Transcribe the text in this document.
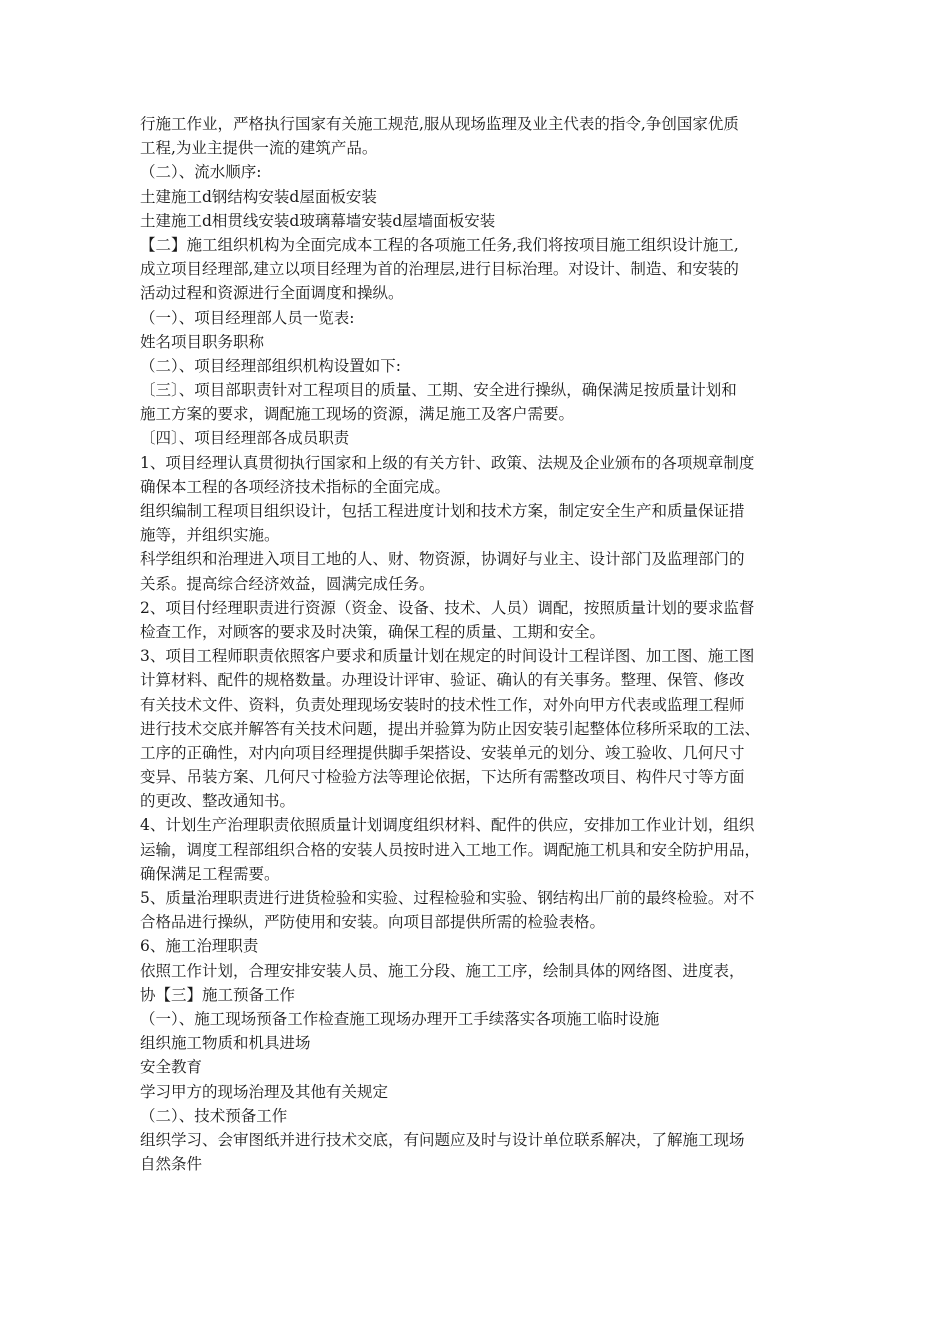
行施工作业，严格执行国家有关施工规范,服从现场监理及业主代表的指令,争创国家优质
工程,为业主提供一流的建筑产品。
（二）、流水顺序:
土建施工d钢结构安装d屋面板安装
土建施工d相贯线安装d玻璃幕墙安装d屋墙面板安装
【二】施工组织机构为全面完成本工程的各项施工任务,我们将按项目施工组织设计施工,
成立项目经理部,建立以项目经理为首的治理层,进行目标治理。对设计、制造、和安装的
活动过程和资源进行全面调度和操纵。
（一）、项目经理部人员一览表:
姓名项目职务职称
（二）、项目经理部组织机构设置如下:
〔三〕、项目部职责针对工程项目的质量、工期、安全进行操纵，确保满足按质量计划和
施工方案的要求，调配施工现场的资源，满足施工及客户需要。
〔四〕、项目经理部各成员职责
1、项目经理认真贯彻执行国家和上级的有关方针、政策、法规及企业颁布的各项规章制度
确保本工程的各项经济技术指标的全面完成。
组织编制工程项目组织设计，包括工程进度计划和技术方案，制定安全生产和质量保证措
施等，并组织实施。
科学组织和治理进入项目工地的人、财、物资源，协调好与业主、设计部门及监理部门的
关系。提高综合经济效益，圆满完成任务。
2、项目付经理职责进行资源（资金、设备、技术、人员）调配，按照质量计划的要求监督
检查工作，对顾客的要求及时决策，确保工程的质量、工期和安全。
3、项目工程师职责依照客户要求和质量计划在规定的时间设计工程详图、加工图、施工图
计算材料、配件的规格数量。办理设计评审、验证、确认的有关事务。整理、保管、修改
有关技术文件、资料，负责处理现场安装时的技术性工作，对外向甲方代表或监理工程师
进行技术交底并解答有关技术问题，提出并验算为防止因安装引起整体位移所采取的工法、
工序的正确性，对内向项目经理提供脚手架搭设、安装单元的划分、竣工验收、几何尺寸
变异、吊装方案、几何尺寸检验方法等理论依据，下达所有需整改项目、构件尺寸等方面
的更改、整改通知书。
4、计划生产治理职责依照质量计划调度组织材料、配件的供应，安排加工作业计划，组织
运输，调度工程部组织合格的安装人员按时进入工地工作。调配施工机具和安全防护用品，
确保满足工程需要。
5、质量治理职责进行进货检验和实验、过程检验和实验、钢结构出厂前的最终检验。对不
合格品进行操纵，严防使用和安装。向项目部提供所需的检验表格。
6、施工治理职责
依照工作计划，合理安排安装人员、施工分段、施工工序，绘制具体的网络图、进度表，
协【三】施工预备工作
（一）、施工现场预备工作检查施工现场办理开工手续落实各项施工临时设施
组织施工物质和机具进场
安全教育
学习甲方的现场治理及其他有关规定
（二）、技术预备工作
组织学习、会审图纸并进行技术交底，有问题应及时与设计单位联系解决，了解施工现场
自然条件
